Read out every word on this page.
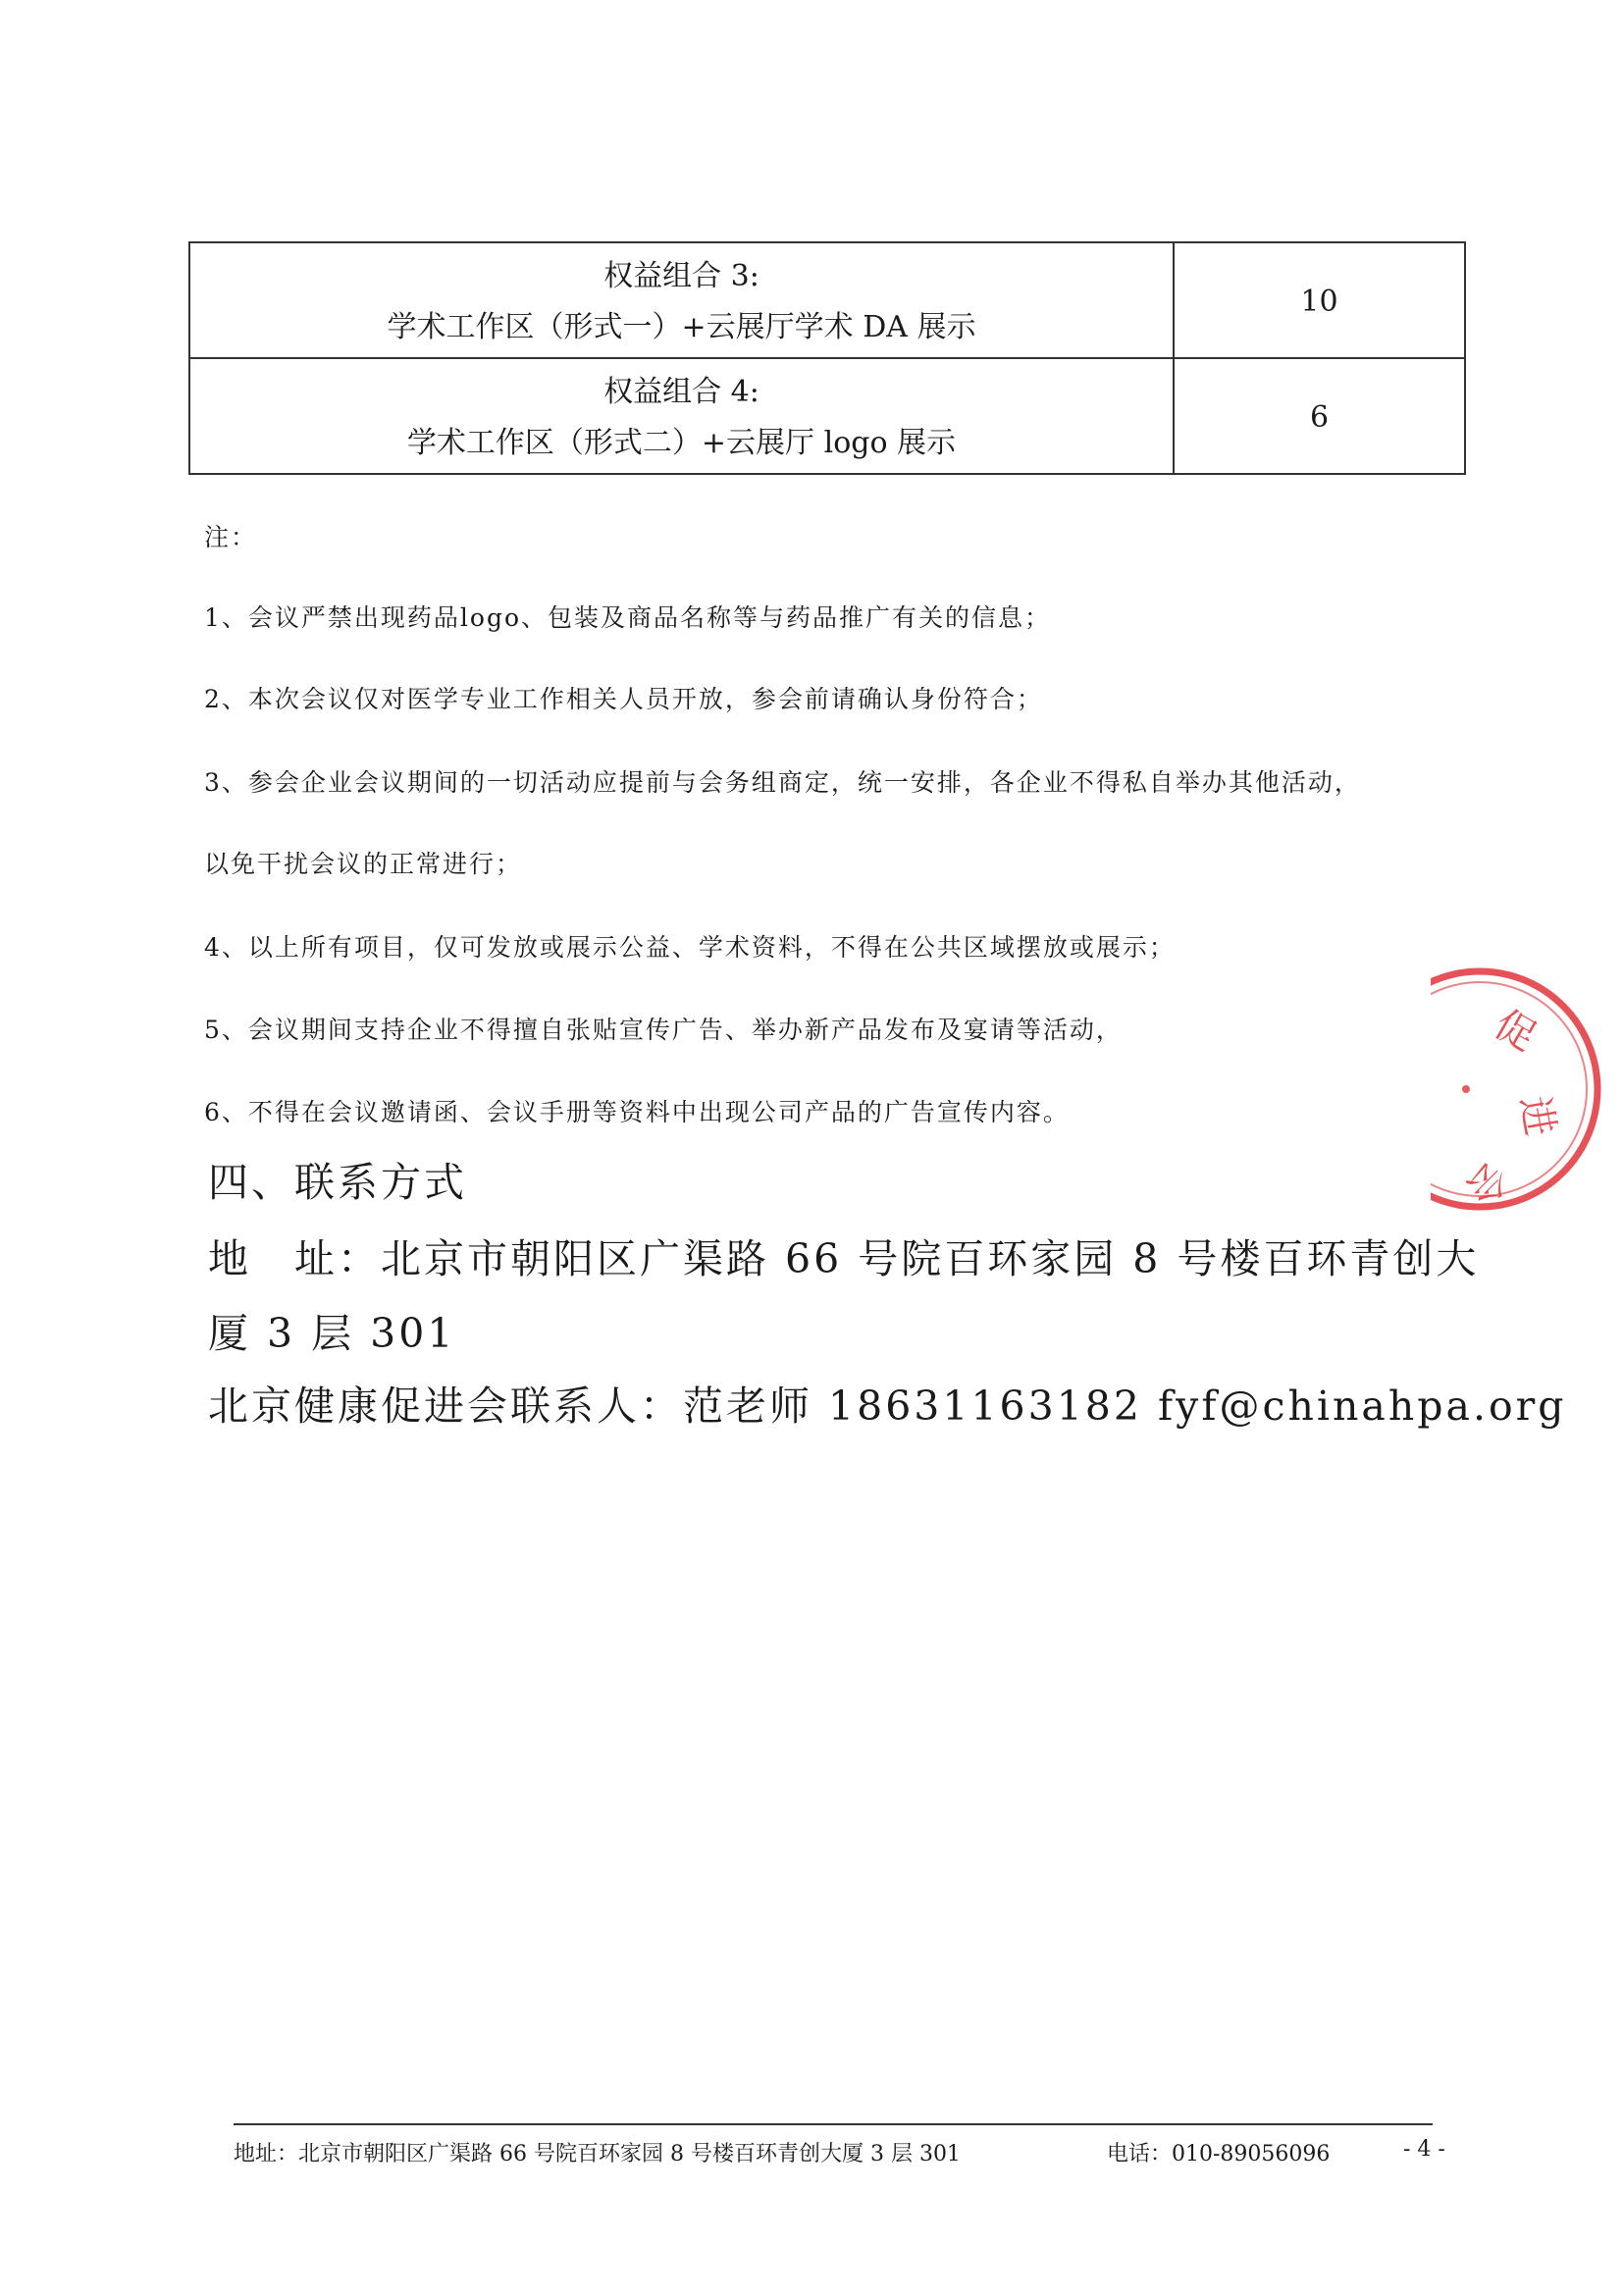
权益组合 3:
学术工作区（形式一）+云展厅学术 DA 展示	10

权益组合 4:
学术工作区（形式二）+云展厅 logo 展示	6
注：
1、会议严禁出现药品logo、包装及商品名称等与药品推广有关的信息；
2、本次会议仅对医学专业工作相关人员开放，参会前请确认身份符合；
3、参会企业会议期间的一切活动应提前与会务组商定，统一安排，各企业不得私自举办其他活动，
以免干扰会议的正常进行；
4、以上所有项目，仅可发放或展示公益、学术资料，不得在公共区域摆放或展示；
5、会议期间支持企业不得擅自张贴宣传广告、举办新产品发布及宴请等活动，
6、不得在会议邀请函、会议手册等资料中出现公司产品的广告宣传内容。
四、联系方式
地　址：北京市朝阳区广渠路 66 号院百环家园 8 号楼百环青创大
厦 3 层 301
北京健康促进会联系人：范老师 18631163182 fyf@chinahpa.org
促
进
会
地址：北京市朝阳区广渠路 66 号院百环家园 8 号楼百环青创大厦 3 层 301	电话：010-89056096	- 4 -
